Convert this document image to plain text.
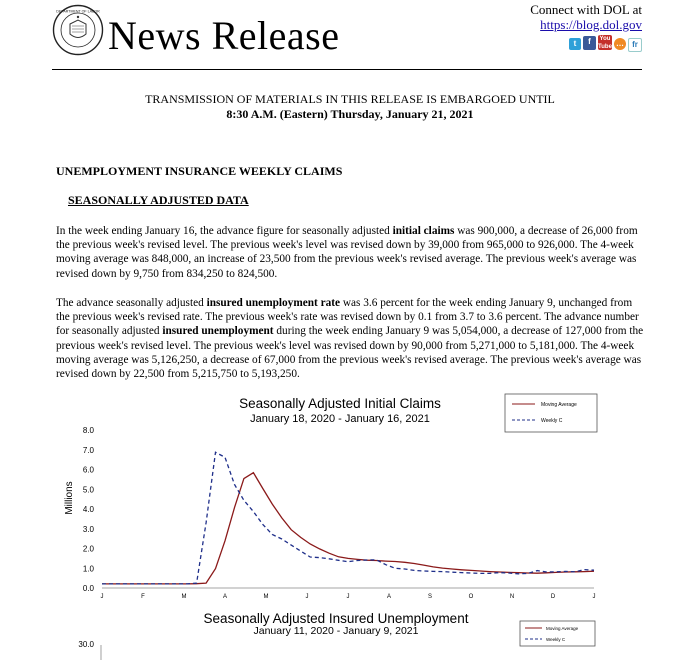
DEPARTMENT OF LABOR
News Release
Connect with DOL at
https://blog.dol.gov
t	f	You
Tube …	fr
TRANSMISSION OF MATERIALS IN THIS RELEASE IS EMBARGOED UNTIL
8:30 A.M. (Eastern) Thursday, January 21, 2021
UNEMPLOYMENT INSURANCE WEEKLY CLAIMS
SEASONALLY ADJUSTED DATA
In the week ending January 16, the advance figure for seasonally adjusted initial claims was 900,000, a decrease of 26,000 from the previous week's revised level. The previous week's level was revised down by 39,000 from 965,000 to 926,000. The 4-week moving average was 848,000, an increase of 23,500 from the previous week's revised average. The previous week's average was revised down by 9,750 from 834,250 to 824,500.
The advance seasonally adjusted insured unemployment rate was 3.6 percent for the week ending January 9, unchanged from the previous week's revised rate. The previous week's rate was revised down by 0.1 from 3.7 to 3.6 percent. The advance number for seasonally adjusted insured unemployment during the week ending January 9 was 5,054,000, a decrease of 127,000 from the previous week's revised level. The previous week's level was revised down by 90,000 from 5,271,000 to 5,181,000. The 4-week moving average was 5,126,250, a decrease of 67,000 from the previous week's revised average. The previous week's average was revised down by 22,500 from 5,215,750 to 5,193,250.
Seasonally Adjusted Initial Claims
January 18, 2020 - January 16, 2021
Millions
0.0
1.0
2.0
3.0
4.0
5.0
6.0
7.0
8.0
J	F	M	A	M	J	J	A	S	O	N	D	J
Moving Average
Weekly C
Seasonally Adjusted Insured Unemployment
January 11, 2020 - January 9, 2021
30.0
Moving Average
Weekly C
